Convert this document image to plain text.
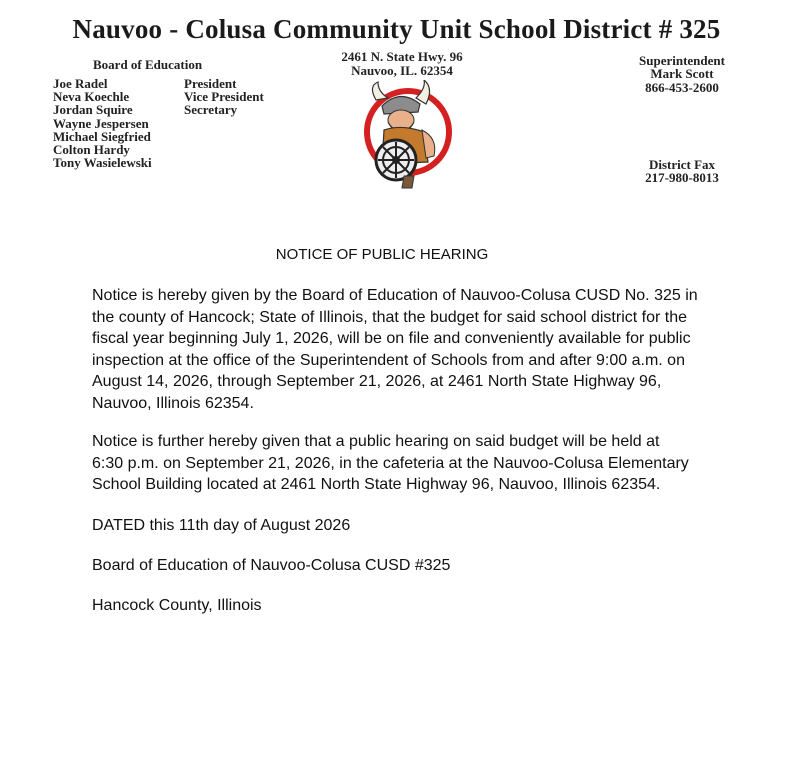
Nauvoo - Colusa Community Unit School District # 325
Board of Education
Joe Radel
Neva Koechle
Jordan Squire
Wayne Jespersen
Michael Siegfried
Colton Hardy
Tony Wasielewski
President
Vice President
Secretary
2461 N. State Hwy. 96
Nauvoo, IL. 62354
Superintendent
Mark Scott
866-453-2600
District Fax
217-980-8013
NOTICE OF PUBLIC HEARING
Notice is hereby given by the Board of Education of Nauvoo-Colusa CUSD No. 325 in
the county of Hancock; State of Illinois, that the budget for said school district for the
fiscal year beginning July 1, 2026, will be on file and conveniently available for public
inspection at the office of the Superintendent of Schools from and after 9:00 a.m. on
August 14, 2026, through September 21, 2026, at 2461 North State Highway 96,
Nauvoo, Illinois 62354.
Notice is further hereby given that a public hearing on said budget will be held at
6:30 p.m. on September 21, 2026, in the cafeteria at the Nauvoo-Colusa Elementary
School Building located at 2461 North State Highway 96, Nauvoo, Illinois 62354.
DATED this 11th day of August 2026
Board of Education of Nauvoo-Colusa CUSD #325
Hancock County, Illinois
